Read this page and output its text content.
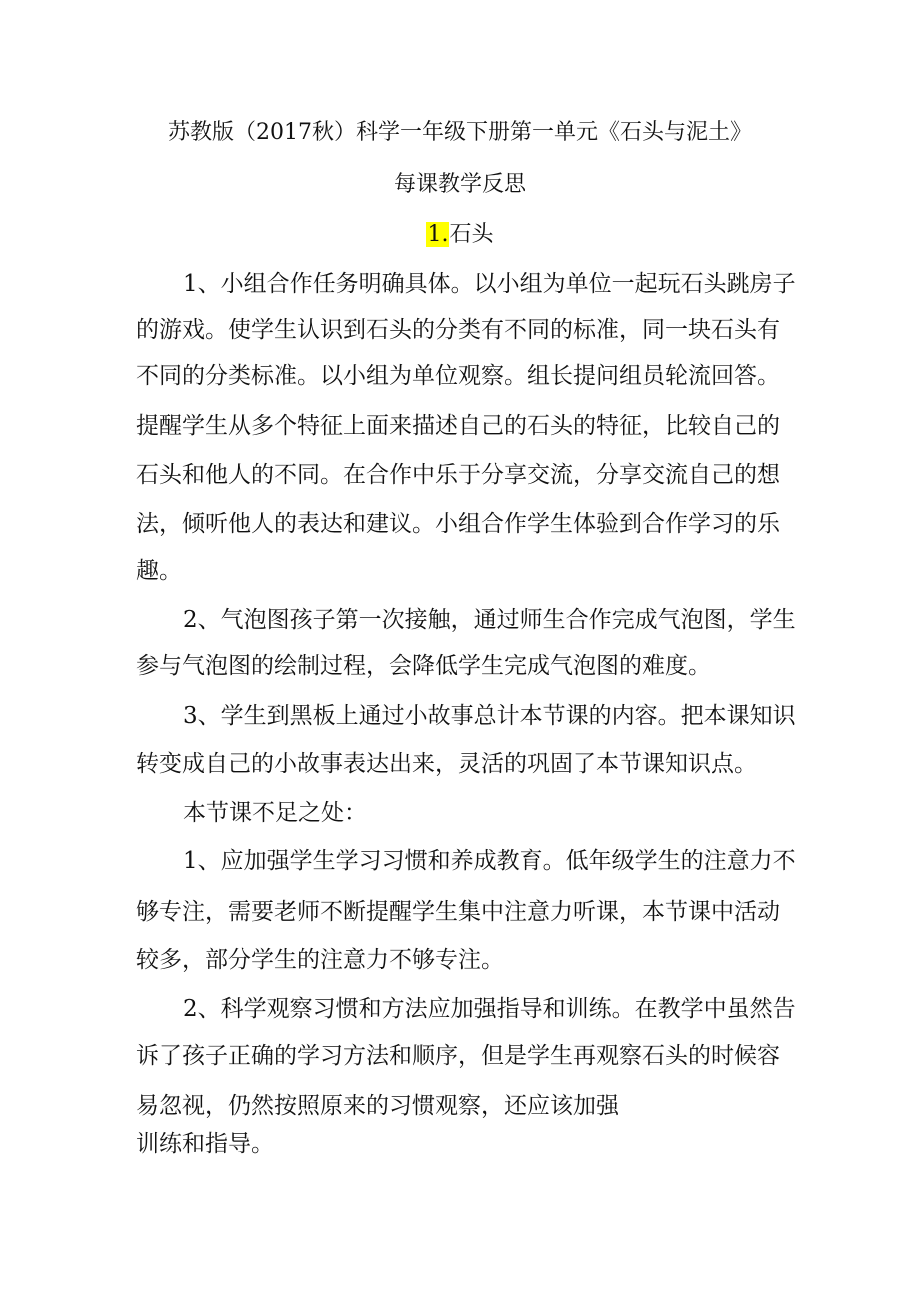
苏教版（2017秋）科学一年级下册第一单元《石头与泥土》
每课教学反思
1.石头
1、小组合作任务明确具体。以小组为单位一起玩石头跳房子
的游戏。使学生认识到石头的分类有不同的标准，同一块石头有
不同的分类标准。以小组为单位观察。组长提问组员轮流回答。
提醒学生从多个特征上面来描述自己的石头的特征，比较自己的
石头和他人的不同。在合作中乐于分享交流，分享交流自己的想
法，倾听他人的表达和建议。小组合作学生体验到合作学习的乐
趣。
2、气泡图孩子第一次接触，通过师生合作完成气泡图，学生
参与气泡图的绘制过程，会降低学生完成气泡图的难度。
3、学生到黑板上通过小故事总计本节课的内容。把本课知识
转变成自己的小故事表达出来，灵活的巩固了本节课知识点。
本节课不足之处：
1、应加强学生学习习惯和养成教育。低年级学生的注意力不
够专注，需要老师不断提醒学生集中注意力听课，本节课中活动
较多，部分学生的注意力不够专注。
2、科学观察习惯和方法应加强指导和训练。在教学中虽然告
诉了孩子正确的学习方法和顺序，但是学生再观察石头的时候容
易忽视，仍然按照原来的习惯观察，还应该加强
训练和指导。
